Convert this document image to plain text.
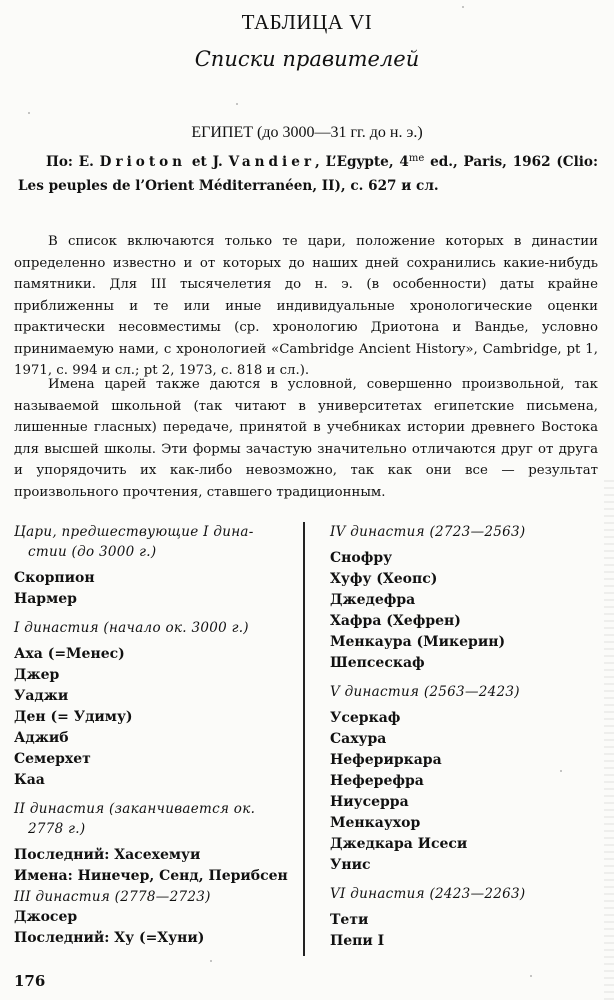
ТАБЛИЦА VI
Списки правителей
ЕГИПЕТ (до 3000—31 гг. до н. э.)
По: E. Drioton et J. Vandier, L’Egypte, $4^{me}$ ed., Paris, 1962 (Clio: Les peuples de l’Orient Méditerranéen, II), с. 627 и сл.
В список включаются только те цари, положение которых в династии определенно известно и от которых до наших дней сохранились какие-нибудь памятники. Для III тысячелетия до н. э. (в особенности) даты крайне приближенны и те или иные индивидуальные хронологические оценки практически несовместимы (ср. хронологию Дриотона и Вандье, условно принимаемую нами, с хронологией «Cambridge Ancient History», Cambridge, pt 1, 1971, с. 994 и сл.; pt 2, 1973, с. 818 и сл.).
Имена царей также даются в условной, совершенно произвольной, так называемой школьной (так читают в университетах египетские письмена, лишенные гласных) передаче, принятой в учебниках истории древнего Востока для высшей школы. Эти формы зачастую значительно отличаются друг от друга и упорядочить их как-либо невозможно, так как они все — результат произвольного прочтения, ставшего традиционным.
Цари, предшествующие I дина-
стии (до 3000 г.)
Скорпион
Нармер
I династия (начало ок. 3000 г.)
Аха (=Менес)
Джер
Уаджи
Ден (= Удиму)
Аджиб
Семерхет
Каа
II династия (заканчивается ок.
2778 г.)
Последний: Хасехемуи
Имена: Нинечер, Сенд, Перибсен
III династия (2778—2723)
Джосер
Последний: Ху (=Хуни)
IV династия (2723—2563)
Снофру
Хуфу (Хеопс)
Джедефра
Хафра (Хефрен)
Менкаура (Микерин)
Шепсескаф
V династия (2563—2423)
Усеркаф
Сахура
Нефериркара
Неферефра
Ниусерра
Менкаухор
Джедкара Исеси
Унис
VI династия (2423—2263)
Тети
Пепи I
176
